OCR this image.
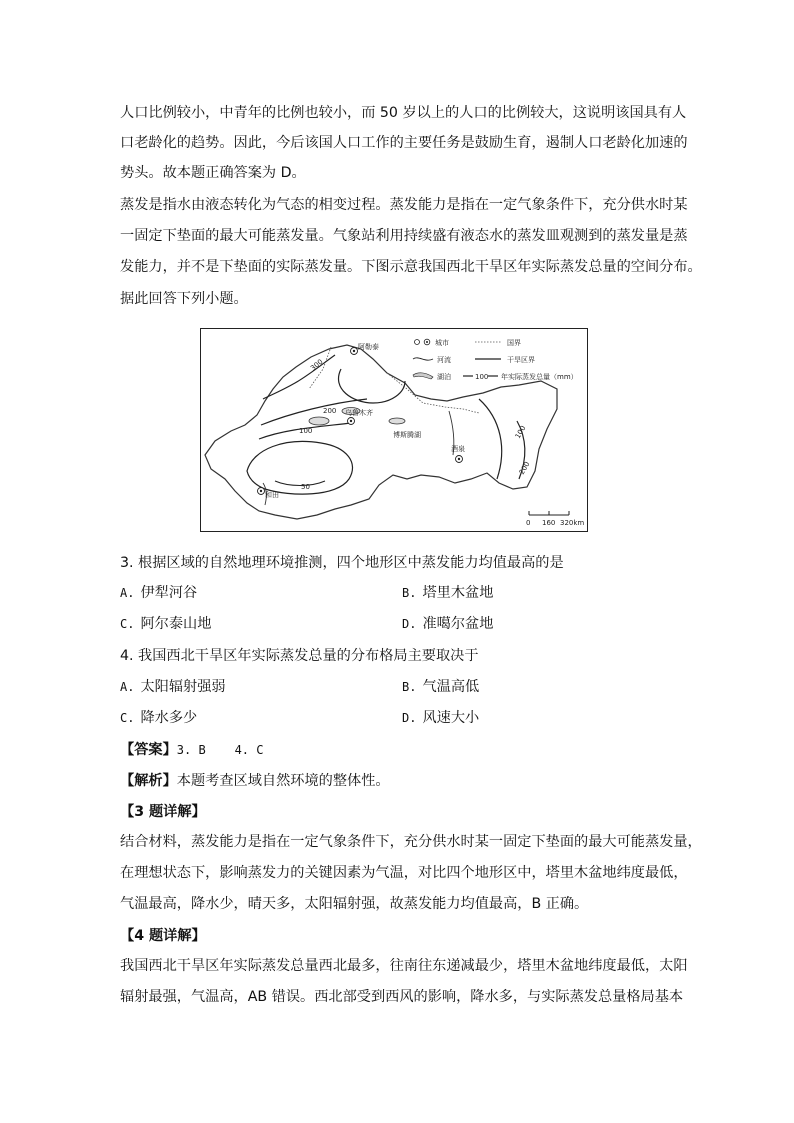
人口比例较小，中青年的比例也较小，而 50 岁以上的人口的比例较大，这说明该国具有人
口老龄化的趋势。因此，今后该国人口工作的主要任务是鼓励生育，遏制人口老龄化加速的
势头。故本题正确答案为 D。
蒸发是指水由液态转化为气态的相变过程。蒸发能力是指在一定气象条件下，充分供水时某
一固定下垫面的最大可能蒸发量。气象站利用持续盛有液态水的蒸发皿观测到的蒸发量是蒸
发能力，并不是下垫面的实际蒸发量。下图示意我国西北干旱区年实际蒸发总量的空间分布。
据此回答下列小题。
阿勒泰
乌鲁木齐
博斯腾湖
酒泉
和田
300
200
100
50
100
200
城市	国界
河流	干旱区界
湖泊	100 年实际蒸发总量（mm）
0 160 320km
3. 根据区域的自然地理环境推测，四个地形区中蒸发能力均值最高的是
A. 伊犁河谷	B. 塔里木盆地
C. 阿尔泰山地	D. 准噶尔盆地
4. 我国西北干旱区年实际蒸发总量的分布格局主要取决于
A. 太阳辐射强弱	B. 气温高低
C. 降水多少	D. 风速大小
【答案】3. B    4. C
【解析】本题考查区域自然环境的整体性。
【3 题详解】
结合材料，蒸发能力是指在一定气象条件下，充分供水时某一固定下垫面的最大可能蒸发量，
在理想状态下，影响蒸发力的关键因素为气温，对比四个地形区中，塔里木盆地纬度最低，
气温最高，降水少，晴天多，太阳辐射强，故蒸发能力均值最高，B 正确。
【4 题详解】
我国西北干旱区年实际蒸发总量西北最多，往南往东递减最少，塔里木盆地纬度最低，太阳
辐射最强，气温高，AB 错误。西北部受到西风的影响，降水多，与实际蒸发总量格局基本
